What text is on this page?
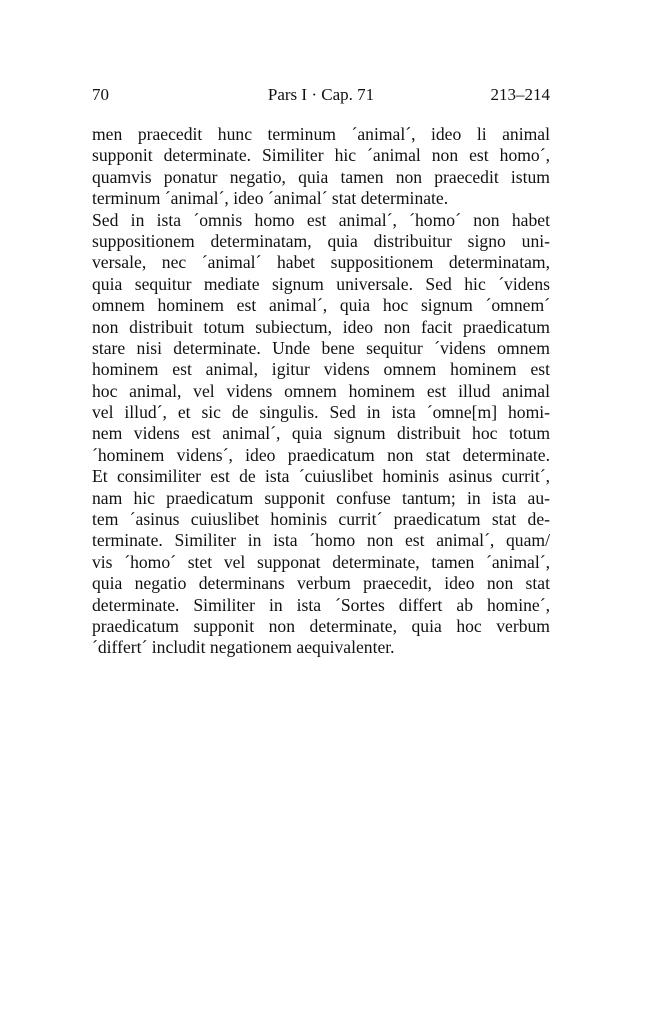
70	Pars I · Cap. 71	213–214
men praecedit hunc terminum ´animal´, ideo li animal
supponit determinate. Similiter hic ´animal non est homo´,
quamvis ponatur negatio, quia tamen non praecedit istum
terminum ´animal´, ideo ´animal´ stat determinate.
Sed in ista ´omnis homo est animal´, ´homo´ non habet
suppositionem determinatam, quia distribuitur signo uni-
versale, nec ´animal´ habet suppositionem determinatam,
quia sequitur mediate signum universale. Sed hic ´videns
omnem hominem est animal´, quia hoc signum ´omnem´
non distribuit totum subiectum, ideo non facit praedicatum
stare nisi determinate. Unde bene sequitur ´videns omnem
hominem est animal, igitur videns omnem hominem est
hoc animal, vel videns omnem hominem est illud animal
vel illud´, et sic de singulis. Sed in ista ´omne[m] homi-
nem videns est animal´, quia signum distribuit hoc totum
´hominem videns´, ideo praedicatum non stat determinate.
Et consimiliter est de ista ´cuiuslibet hominis asinus currit´,
nam hic praedicatum supponit confuse tantum; in ista au-
tem ´asinus cuiuslibet hominis currit´ praedicatum stat de-
terminate. Similiter in ista ´homo non est animal´, quam/
vis ´homo´ stet vel supponat determinate, tamen ´animal´,
quia negatio determinans verbum praecedit, ideo non stat
determinate. Similiter in ista ´Sortes differt ab homine´,
praedicatum supponit non determinate, quia hoc verbum
´differt´ includit negationem aequivalenter.
